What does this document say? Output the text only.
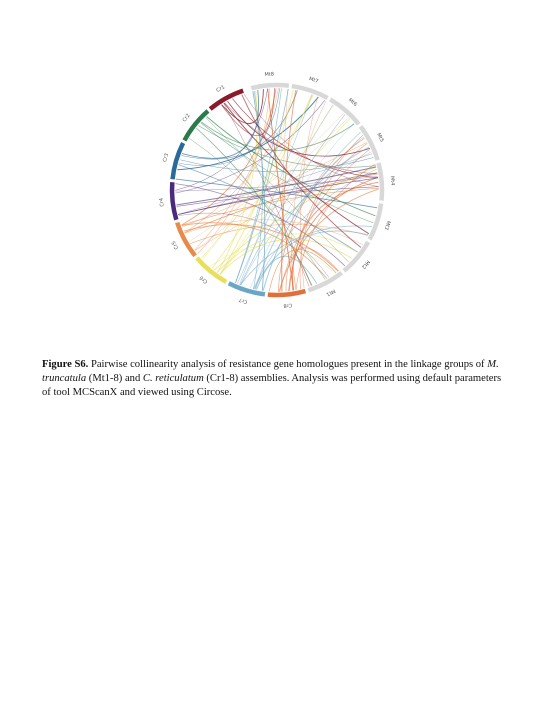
Mt8
Mt7
Mt6
Mt5
Mt4
Mt3
Mt2
Mt1
Cr8
Cr7
Cr6
Cr5
Cr4
Cr3
Cr2
Cr1

Figure S6. Pairwise collinearity analysis of resistance gene homologues present in the linkage groups of M. truncatula (Mt1-8) and C. reticulatum (Cr1-8) assemblies. Analysis was performed using default parameters of tool MCScanX and viewed using Circose.
